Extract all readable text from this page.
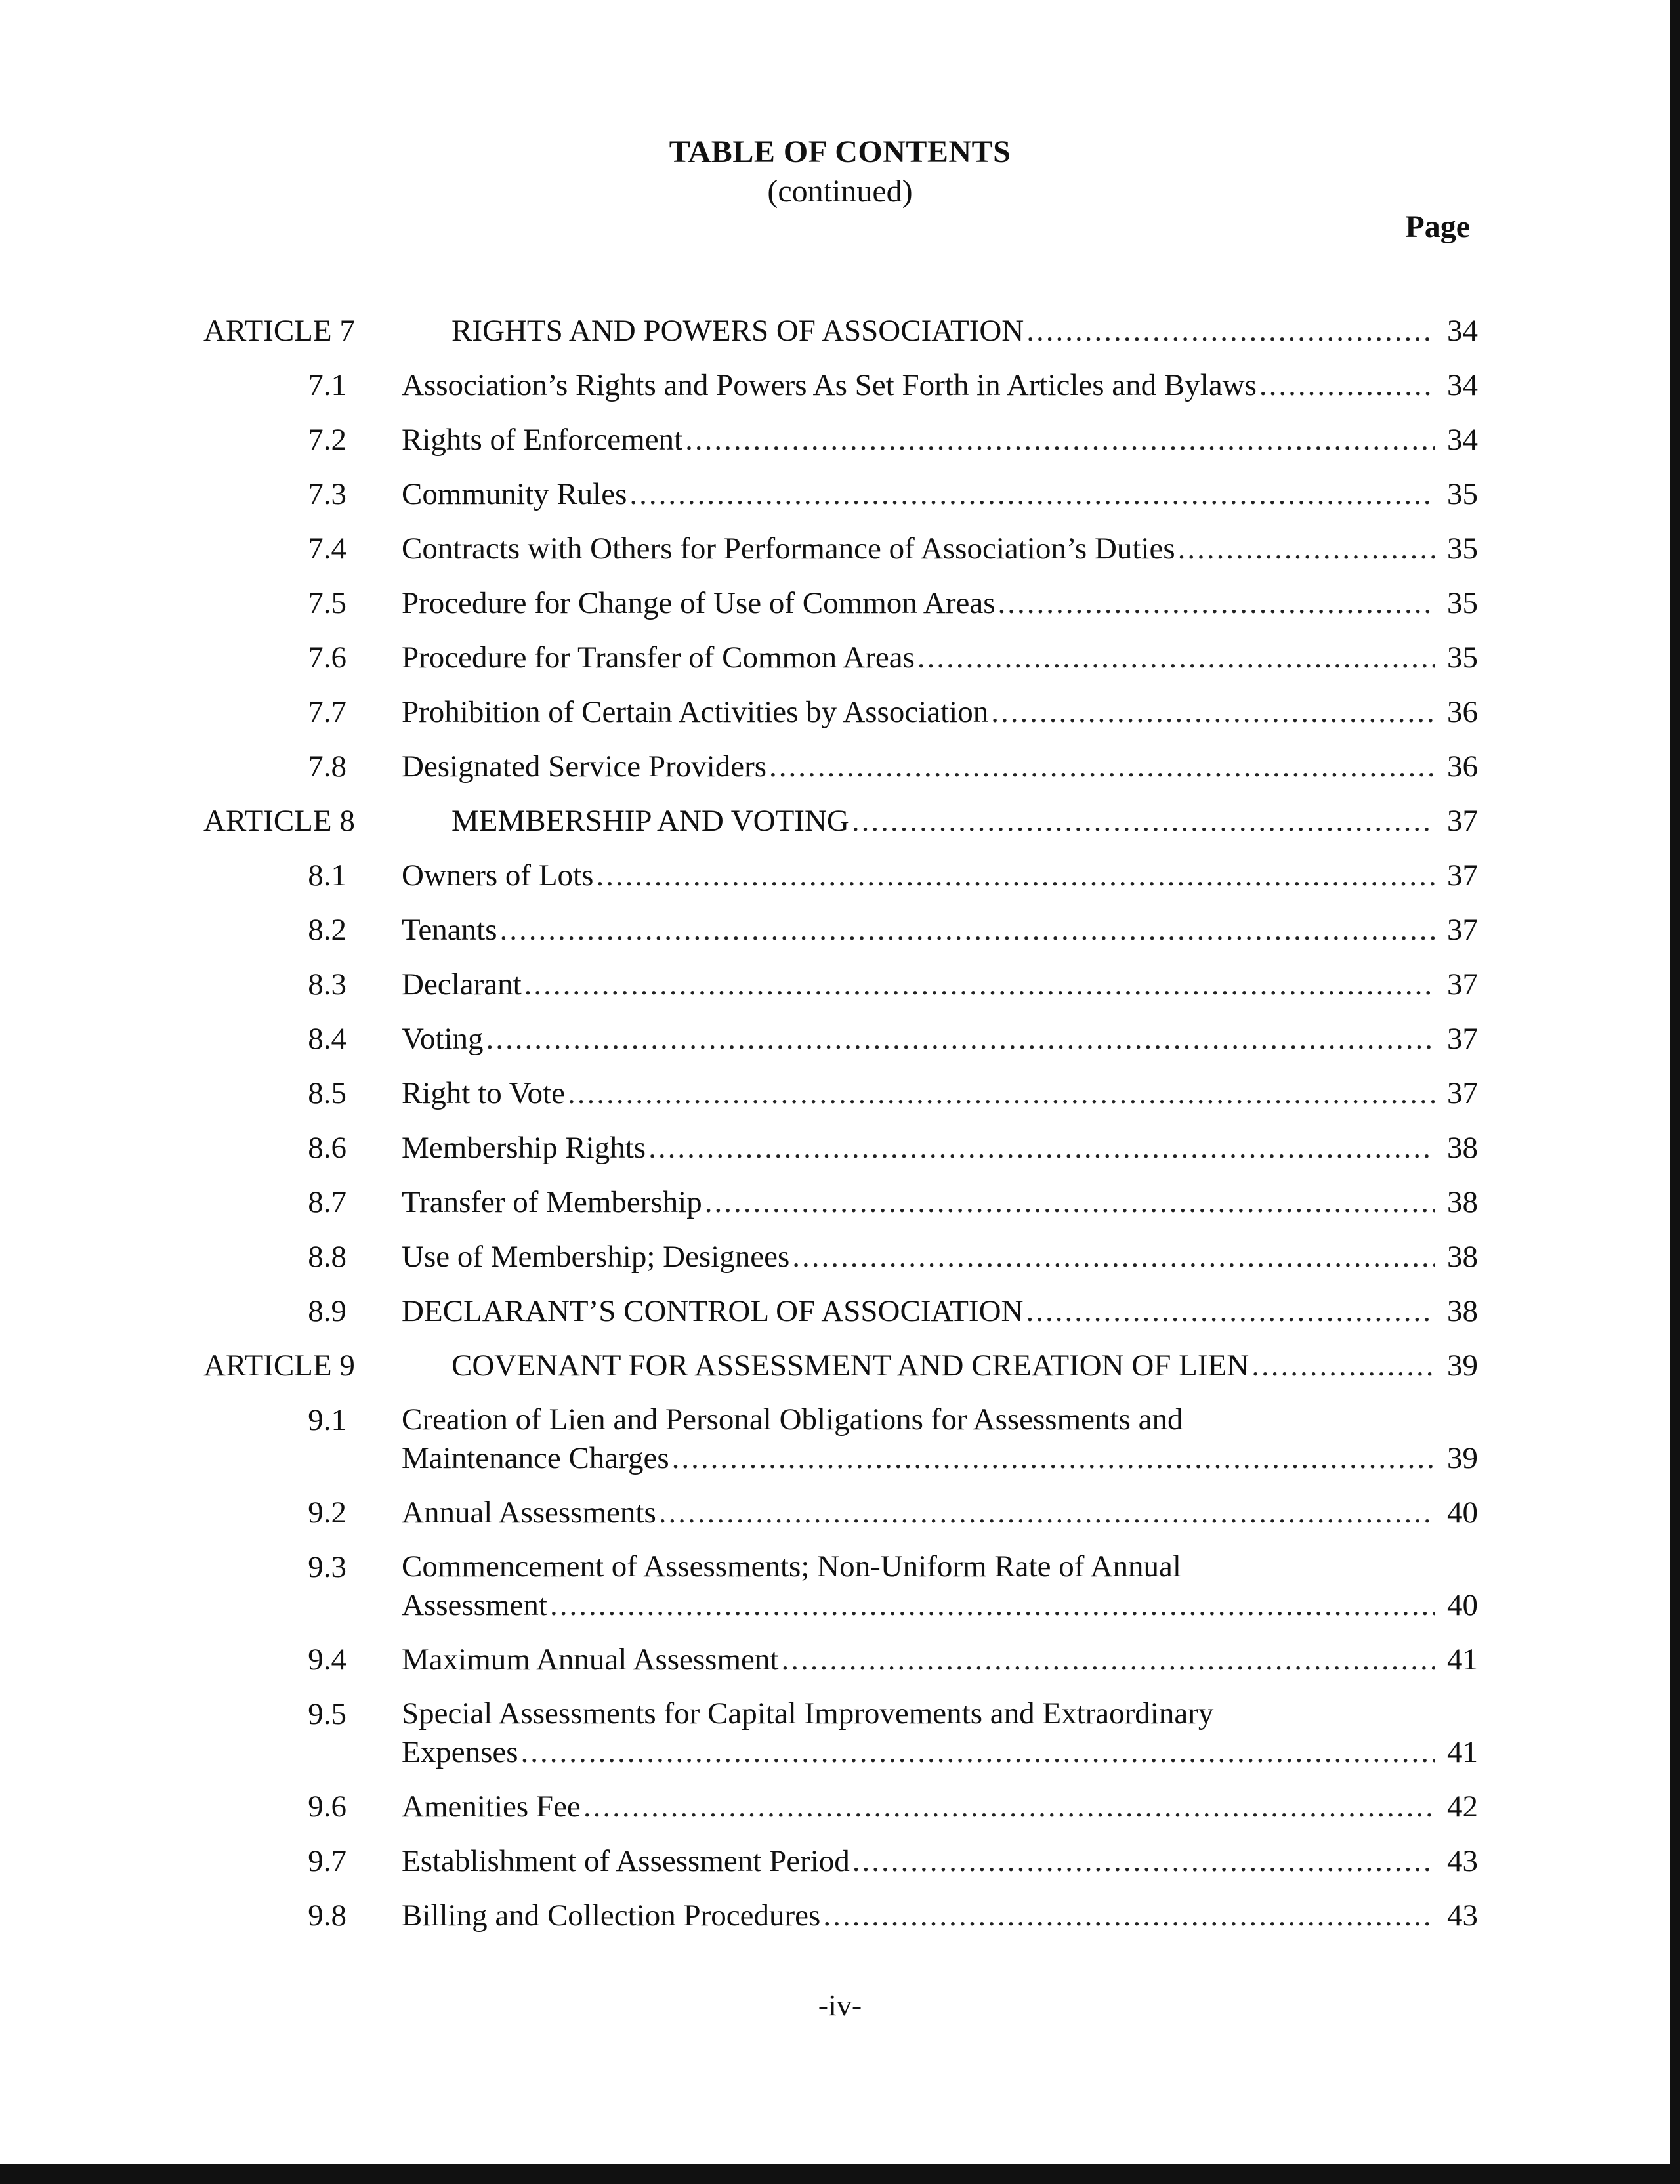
TABLE OF CONTENTS
(continued)
Page
ARTICLE 7	RIGHTS AND POWERS OF ASSOCIATION .....	34
7.1 Association’s Rights and Powers As Set Forth in Articles and Bylaws .....	34
7.2 Rights of Enforcement .....	34
7.3 Community Rules .....	35
7.4 Contracts with Others for Performance of Association’s Duties .....	35
7.5 Procedure for Change of Use of Common Areas .....	35
7.6 Procedure for Transfer of Common Areas .....	35
7.7 Prohibition of Certain Activities by Association .....	36
7.8 Designated Service Providers .....	36
ARTICLE 8	MEMBERSHIP AND VOTING .....	37
8.1 Owners of Lots .....	37
8.2 Tenants .....	37
8.3 Declarant .....	37
8.4 Voting .....	37
8.5 Right to Vote .....	37
8.6 Membership Rights .....	38
8.7 Transfer of Membership .....	38
8.8 Use of Membership; Designees .....	38
8.9 DECLARANT’S CONTROL OF ASSOCIATION .....	38
ARTICLE 9	COVENANT FOR ASSESSMENT AND CREATION OF LIEN .....	39
9.1 Creation of Lien and Personal Obligations for Assessments and
Maintenance Charges .....	39
9.2 Annual Assessments .....	40
9.3 Commencement of Assessments; Non-Uniform Rate of Annual
Assessment .....	40
9.4 Maximum Annual Assessment .....	41
9.5 Special Assessments for Capital Improvements and Extraordinary
Expenses .....	41
9.6 Amenities Fee .....	42
9.7 Establishment of Assessment Period .....	43
9.8 Billing and Collection Procedures .....	43
-iv-
